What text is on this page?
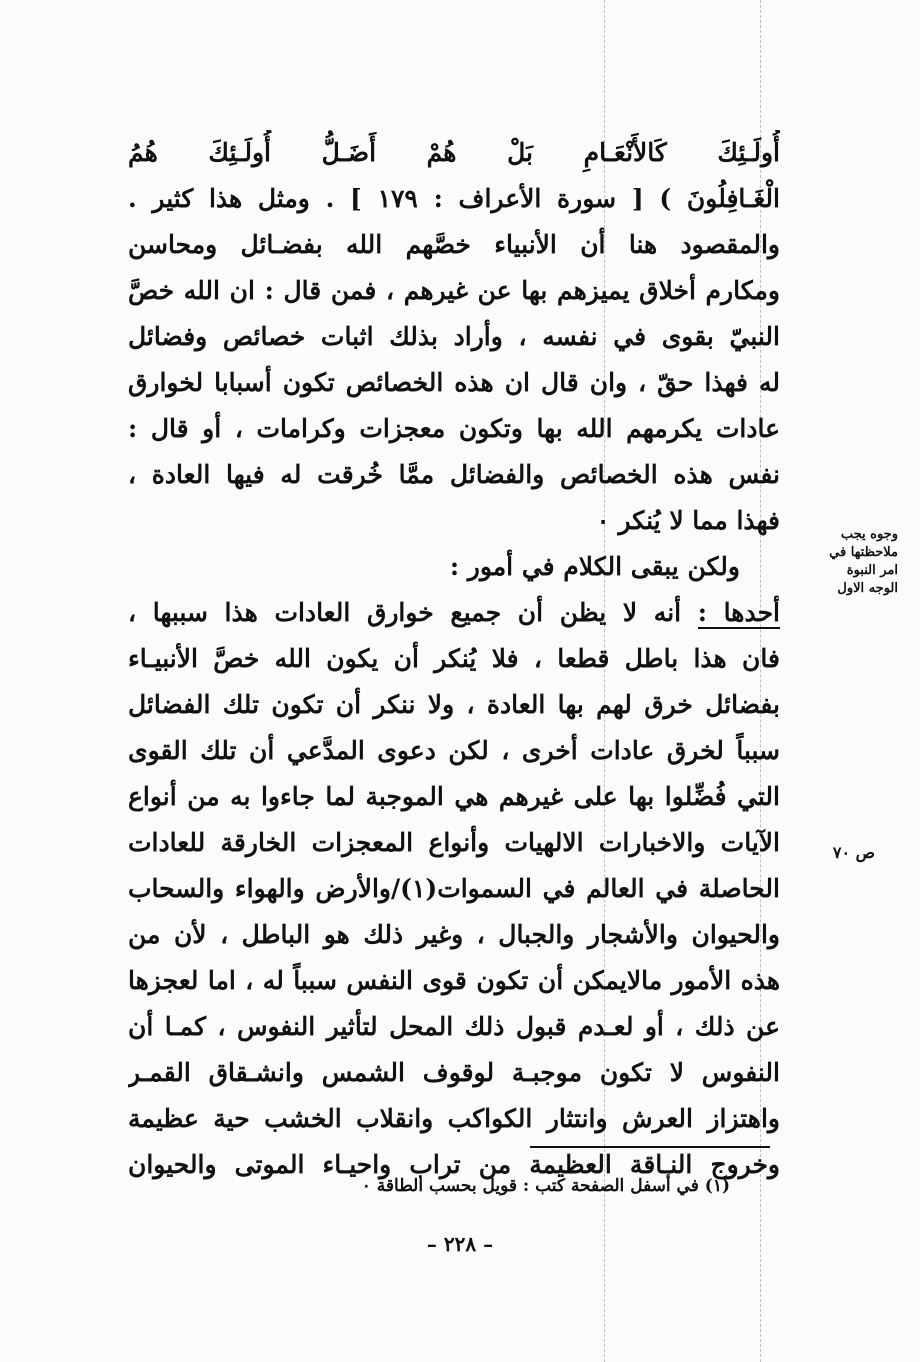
أُولَـئِكَ كَالأَنْعَـامِ بَلْ هُمْ أَضَـلُّ أُولَـئِكَ هُمُ
الْغَـافِلُونَ ) [ سورة الأعراف : ١٧٩ ] . ومثل هذا كثير .
والمقصود هنا أن الأنبياء خصَّهم الله بفضـائل ومحاسن
ومكارم أخلاق يميزهم بها عن غيرهم ، فمن قال : ان الله خصَّ
النبيّ بقوى في نفسه ، وأراد بذلك اثبات خصائص وفضائل
له فهذا حقّ ، وان قال ان هذه الخصائص تكون أسبابا لخوارق
عادات يكرمهم الله بها وتكون معجزات وكرامات ، أو قال :
نفس هذه الخصائص والفضائل ممَّا خُرقت له فيها العادة ،
فهذا مما لا يُنكر ٠
ولكن يبقى الكلام في أمور :
أحدها : أنه لا يظن أن جميع خوارق العادات هذا سببها ،
فان هذا باطل قطعا ، فلا يُنكر أن يكون الله خصَّ الأنبيـاء
بفضائل خرق لهم بها العادة ، ولا ننكر أن تكون تلك الفضائل
سبباً لخرق عادات أخرى ، لكن دعوى المدَّعي أن تلك القوى
التي فُضِّلوا بها على غيرهم هي الموجبة لما جاءوا به من أنواع
الآيات والاخبارات الالهيات وأنواع المعجزات الخارقة للعادات
الحاصلة في العالم في السموات(١)/والأرض والهواء والسحاب
والحيوان والأشجار والجبال ، وغير ذلك هو الباطل ، لأن من
هذه الأمور مالايمكن أن تكون قوى النفس سبباً له ، اما لعجزها
عن ذلك ، أو لعـدم قبول ذلك المحل لتأثير النفوس ، كمـا أن
النفوس لا تكون موجبـة لوقوف الشمس وانشـقاق القمـر
واهتزاز العرش وانتثار الكواكب وانقلاب الخشب حية عظيمة
وخروج النـاقة العظيمة من تراب واحيـاء الموتى والحيوان
وجوه يجب
ملاحظتها في
امر النبوة
الوجه الاول
ص ٧٠
(١) في أسفل الصفحة كتب : قويل بحسب الطاقة ٠
– ٢٢٨ –
